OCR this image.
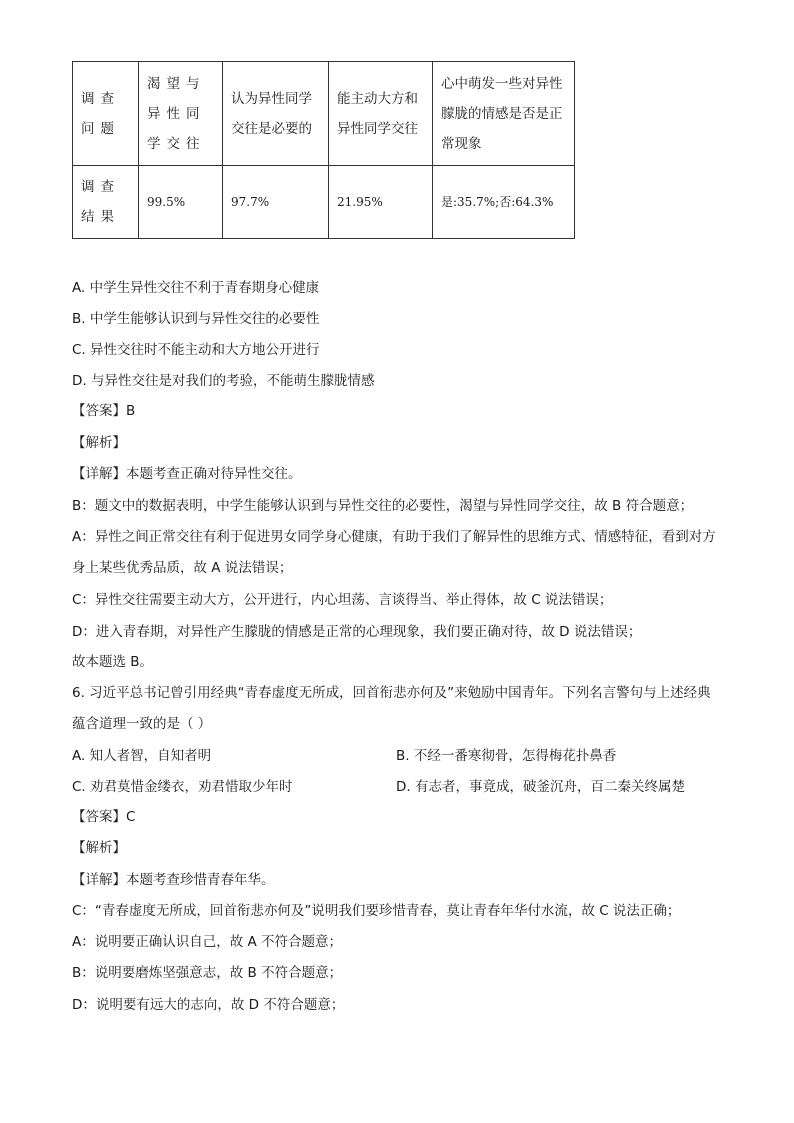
调查问题	渴望与异性同学交往	认为异性同学交往是必要的	能主动大方和异性同学交往	心中萌发一些对异性朦胧的情感是否是正常现象
调查结果	99.5%	97.7%	21.95%	是:35.7%;否:64.3%
A. 中学生异性交往不利于青春期身心健康
B. 中学生能够认识到与异性交往的必要性
C. 异性交往时不能主动和大方地公开进行
D. 与异性交往是对我们的考验，不能萌生朦胧情感
【答案】B
【解析】
【详解】本题考查正确对待异性交往。
B：题文中的数据表明，中学生能够认识到与异性交往的必要性，渴望与异性同学交往，故 B 符合题意；
A：异性之间正常交往有利于促进男女同学身心健康，有助于我们了解异性的思维方式、情感特征，看到对方身上某些优秀品质，故 A 说法错误；
C：异性交往需要主动大方，公开进行，内心坦荡、言谈得当、举止得体，故 C 说法错误；
D：进入青春期，对异性产生朦胧的情感是正常的心理现象，我们要正确对待，故 D 说法错误；
故本题选 B。
6. 习近平总书记曾引用经典“青春虚度无所成，回首衔悲亦何及”来勉励中国青年。下列名言警句与上述经典蕴含道理一致的是（ ）
A. 知人者智，自知者明	B. 不经一番寒彻骨，怎得梅花扑鼻香
C. 劝君莫惜金缕衣，劝君惜取少年时	D. 有志者，事竟成，破釜沉舟，百二秦关终属楚
【答案】C
【解析】
【详解】本题考查珍惜青春年华。
C：“青春虚度无所成，回首衔悲亦何及”说明我们要珍惜青春，莫让青春年华付水流，故 C 说法正确；
A：说明要正确认识自己，故 A 不符合题意；
B：说明要磨炼坚强意志，故 B 不符合题意；
D：说明要有远大的志向，故 D 不符合题意；
